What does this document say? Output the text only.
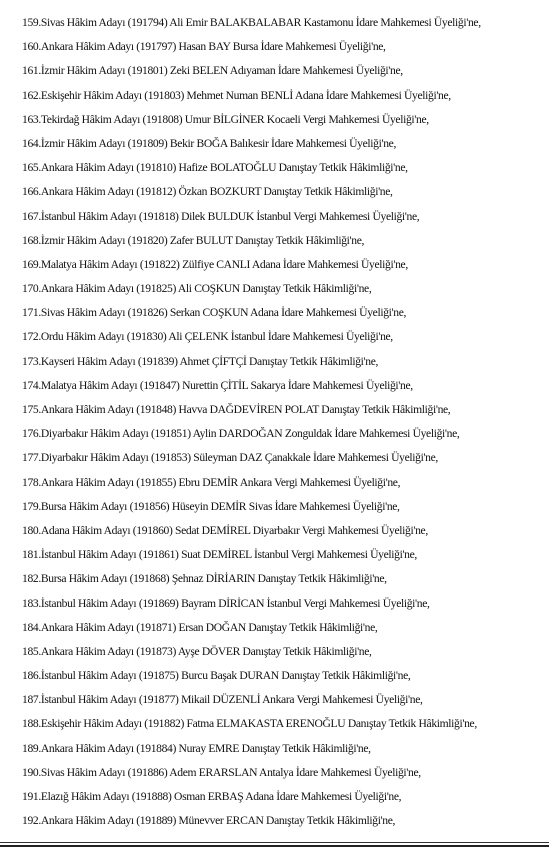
159.Sivas Hâkim Adayı (191794) Ali Emir BALAKBALABAR Kastamonu İdare Mahkemesi Üyeliği'ne,
160.Ankara Hâkim Adayı (191797) Hasan BAY Bursa İdare Mahkemesi Üyeliği'ne,
161.İzmir Hâkim Adayı (191801) Zeki BELEN Adıyaman İdare Mahkemesi Üyeliği'ne,
162.Eskişehir Hâkim Adayı (191803) Mehmet Numan BENLİ Adana İdare Mahkemesi Üyeliği'ne,
163.Tekirdağ Hâkim Adayı (191808) Umur BİLGİNER Kocaeli Vergi Mahkemesi Üyeliği'ne,
164.İzmir Hâkim Adayı (191809) Bekir BOĞA Balıkesir İdare Mahkemesi Üyeliği'ne,
165.Ankara Hâkim Adayı (191810) Hafize BOLATOĞLU Danıştay Tetkik Hâkimliği'ne,
166.Ankara Hâkim Adayı (191812) Özkan BOZKURT Danıştay Tetkik Hâkimliği'ne,
167.İstanbul Hâkim Adayı (191818) Dilek BULDUK İstanbul Vergi Mahkemesi Üyeliği'ne,
168.İzmir Hâkim Adayı (191820) Zafer BULUT Danıştay Tetkik Hâkimliği'ne,
169.Malatya Hâkim Adayı (191822) Zülfiye CANLI Adana İdare Mahkemesi Üyeliği'ne,
170.Ankara Hâkim Adayı (191825) Ali COŞKUN Danıştay Tetkik Hâkimliği'ne,
171.Sivas Hâkim Adayı (191826) Serkan COŞKUN Adana İdare Mahkemesi Üyeliği'ne,
172.Ordu Hâkim Adayı (191830) Ali ÇELENK İstanbul İdare Mahkemesi Üyeliği'ne,
173.Kayseri Hâkim Adayı (191839) Ahmet ÇİFTÇİ Danıştay Tetkik Hâkimliği'ne,
174.Malatya Hâkim Adayı (191847) Nurettin ÇİTİL Sakarya İdare Mahkemesi Üyeliği'ne,
175.Ankara Hâkim Adayı (191848) Havva DAĞDEVİREN POLAT Danıştay Tetkik Hâkimliği'ne,
176.Diyarbakır Hâkim Adayı (191851) Aylin DARDOĞAN Zonguldak İdare Mahkemesi Üyeliği'ne,
177.Diyarbakır Hâkim Adayı (191853) Süleyman DAZ Çanakkale İdare Mahkemesi Üyeliği'ne,
178.Ankara Hâkim Adayı (191855) Ebru DEMİR Ankara Vergi Mahkemesi Üyeliği'ne,
179.Bursa Hâkim Adayı (191856) Hüseyin DEMİR Sivas İdare Mahkemesi Üyeliği'ne,
180.Adana Hâkim Adayı (191860) Sedat DEMİREL Diyarbakır Vergi Mahkemesi Üyeliği'ne,
181.İstanbul Hâkim Adayı (191861) Suat DEMİREL İstanbul Vergi Mahkemesi Üyeliği'ne,
182.Bursa Hâkim Adayı (191868) Şehnaz DİRİARIN Danıştay Tetkik Hâkimliği'ne,
183.İstanbul Hâkim Adayı (191869) Bayram DİRİCAN İstanbul Vergi Mahkemesi Üyeliği'ne,
184.Ankara Hâkim Adayı (191871) Ersan DOĞAN Danıştay Tetkik Hâkimliği'ne,
185.Ankara Hâkim Adayı (191873) Ayşe DÖVER Danıştay Tetkik Hâkimliği'ne,
186.İstanbul Hâkim Adayı (191875) Burcu Başak DURAN Danıştay Tetkik Hâkimliği'ne,
187.İstanbul Hâkim Adayı (191877) Mikail DÜZENLİ Ankara Vergi Mahkemesi Üyeliği'ne,
188.Eskişehir Hâkim Adayı (191882) Fatma ELMAKASTA ERENOĞLU Danıştay Tetkik Hâkimliği'ne,
189.Ankara Hâkim Adayı (191884) Nuray EMRE Danıştay Tetkik Hâkimliği'ne,
190.Sivas Hâkim Adayı (191886) Adem ERARSLAN Antalya İdare Mahkemesi Üyeliği'ne,
191.Elazığ Hâkim Adayı (191888) Osman ERBAŞ Adana İdare Mahkemesi Üyeliği'ne,
192.Ankara Hâkim Adayı (191889) Münevver ERCAN Danıştay Tetkik Hâkimliği'ne,
